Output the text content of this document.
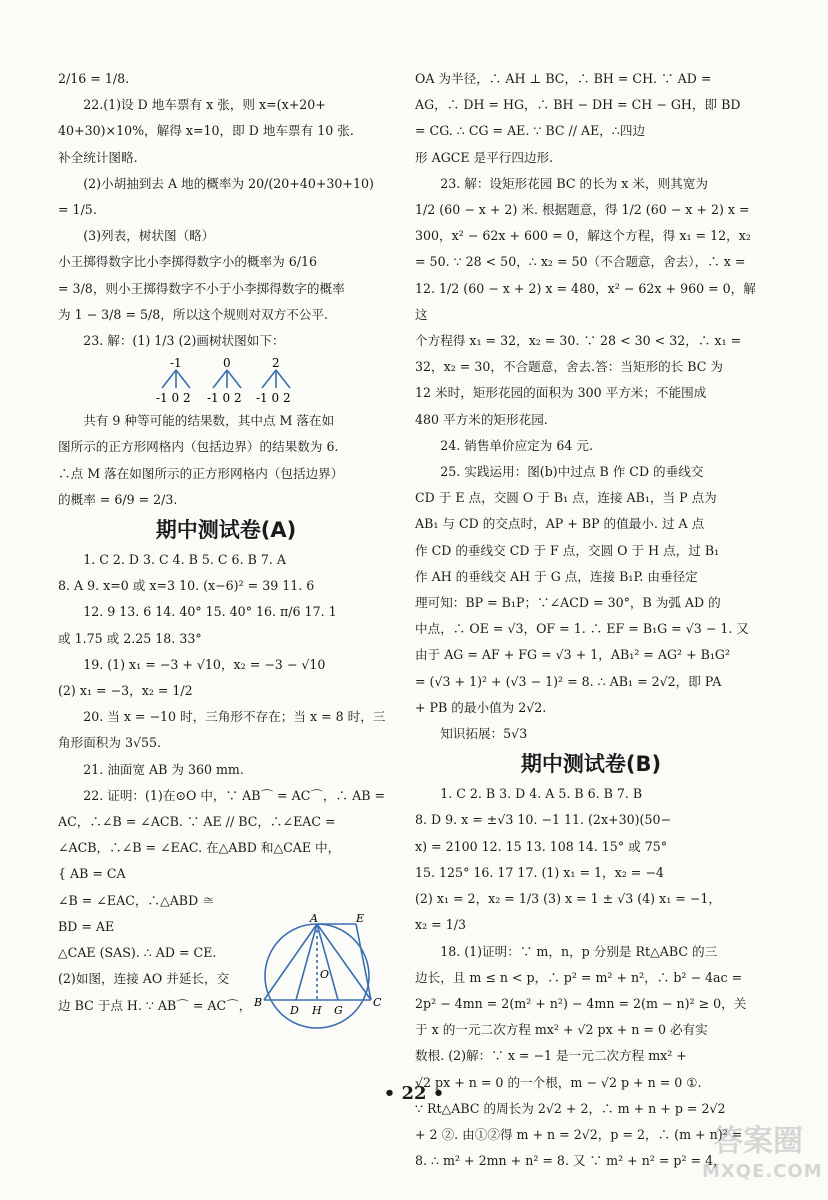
2/16 = 1/8.

22.(1)设 D 地车票有 x 张，则 x=(x+20+

40+30)×10%，解得 x=10，即 D 地车票有 10 张.

补全统计图略.

(2)小胡抽到去 A 地的概率为 20/(20+40+30+10)

= 1/5.

(3)列表，树状图（略）

小王掷得数字比小李掷得数字小的概率为 6/16

= 3/8，则小王掷得数字不小于小李掷得数字的概率

为 1 − 3/8 = 5/8，所以这个规则对双方不公平.

23. 解：(1) 1/3 (2)画树状图如下：

-1	0	2
-1 0 2 -1 0 2 -1 0 2

共有 9 种等可能的结果数，其中点 M 落在如

图所示的正方形网格内（包括边界）的结果数为 6.

∴点 M 落在如图所示的正方形网格内（包括边界）

的概率 = 6/9 = 2/3.

期中测试卷(A)

1. C 2. D 3. C 4. B 5. C 6. B 7. A

8. A 9. x=0 或 x=3 10. (x−6)² = 39 11. 6

12. 9 13. 6 14. 40° 15. 40° 16. π/6 17. 1

或 1.75 或 2.25 18. 33°

19. (1) x₁ = −3 + √10，x₂ = −3 − √10

(2) x₁ = −3，x₂ = 1/2

20. 当 x = −10 时，三角形不存在；当 x = 8 时，三

角形面积为 3√55.

21. 油面宽 AB 为 360 mm.

22. 证明：(1)在⊙O 中，∵ AB⌒ = AC⌒，∴ AB =

AC，∴∠B = ∠ACB. ∵ AE // BC，∴∠EAC =

∠ACB，∴∠B = ∠EAC. 在△ABD 和△CAE 中，

{ AB = CA

∠B = ∠EAC，∴△ABD ≅

BD = AE

△CAE (SAS). ∴ AD = CE.

(2)如图，连接 AO 并延长，交

边 BC 于点 H. ∵ AB⌒ = AC⌒，

A	E
O
B
D H G
C

OA 为半径，∴ AH ⊥ BC，∴ BH = CH. ∵ AD =

AG，∴ DH = HG，∴ BH − DH = CH − GH，即 BD

= CG. ∴ CG = AE. ∵ BC // AE，∴四边

形 AGCE 是平行四边形.

23. 解：设矩形花园 BC 的长为 x 米，则其宽为

1/2 (60 − x + 2) 米. 根据题意，得 1/2 (60 − x + 2) x =

300，x² − 62x + 600 = 0，解这个方程，得 x₁ = 12，x₂

= 50. ∵ 28 < 50，∴ x₂ = 50（不合题意，舍去），∴ x =

12. 1/2 (60 − x + 2) x = 480，x² − 62x + 960 = 0，解这

个方程得 x₁ = 32，x₂ = 30. ∵ 28 < 30 < 32，∴ x₁ =

32，x₂ = 30，不合题意，舍去.答：当矩形的长 BC 为

12 米时，矩形花园的面积为 300 平方米；不能围成

480 平方米的矩形花园.

24. 销售单价应定为 64 元.

25. 实践运用：图(b)中过点 B 作 CD 的垂线交

CD 于 E 点，交圆 O 于 B₁ 点，连接 AB₁，当 P 点为

AB₁ 与 CD 的交点时，AP + BP 的值最小. 过 A 点

作 CD 的垂线交 CD 于 F 点，交圆 O 于 H 点，过 B₁

作 AH 的垂线交 AH 于 G 点，连接 B₁P. 由垂径定

理可知：BP = B₁P；∵∠ACD = 30°，B 为弧 AD 的

中点，∴ OE = √3，OF = 1. ∴ EF = B₁G = √3 − 1. 又

由于 AG = AF + FG = √3 + 1，AB₁² = AG² + B₁G²

= (√3 + 1)² + (√3 − 1)² = 8. ∴ AB₁ = 2√2，即 PA

+ PB 的最小值为 2√2.

知识拓展：5√3

期中测试卷(B)

1. C 2. B 3. D 4. A 5. B 6. B 7. B

8. D 9. x = ±√3 10. −1 11. (2x+30)(50−

x) = 2100 12. 15 13. 108 14. 15° 或 75°

15. 125° 16. 17 17. (1) x₁ = 1，x₂ = −4

(2) x₁ = 2，x₂ = 1/3 (3) x = 1 ± √3 (4) x₁ = −1，

x₂ = 1/3

18. (1)证明：∵ m，n，p 分别是 Rt△ABC 的三

边长，且 m ≤ n < p，∴ p² = m² + n²，∴ b² − 4ac =

2p² − 4mn = 2(m² + n²) − 4mn = 2(m − n)² ≥ 0，关

于 x 的一元二次方程 mx² + √2 px + n = 0 必有实

数根. (2)解：∵ x = −1 是一元二次方程 mx² +

√2 px + n = 0 的一个根，m − √2 p + n = 0 ①.

∵ Rt△ABC 的周长为 2√2 + 2，∴ m + n + p = 2√2

+ 2 ②. 由①②得 m + n = 2√2，p = 2，∴ (m + n)² =

8. ∴ m² + 2mn + n² = 8. 又 ∵ m² + n² = p² = 4，

• 22 •
答案圈
MXQE.COM
